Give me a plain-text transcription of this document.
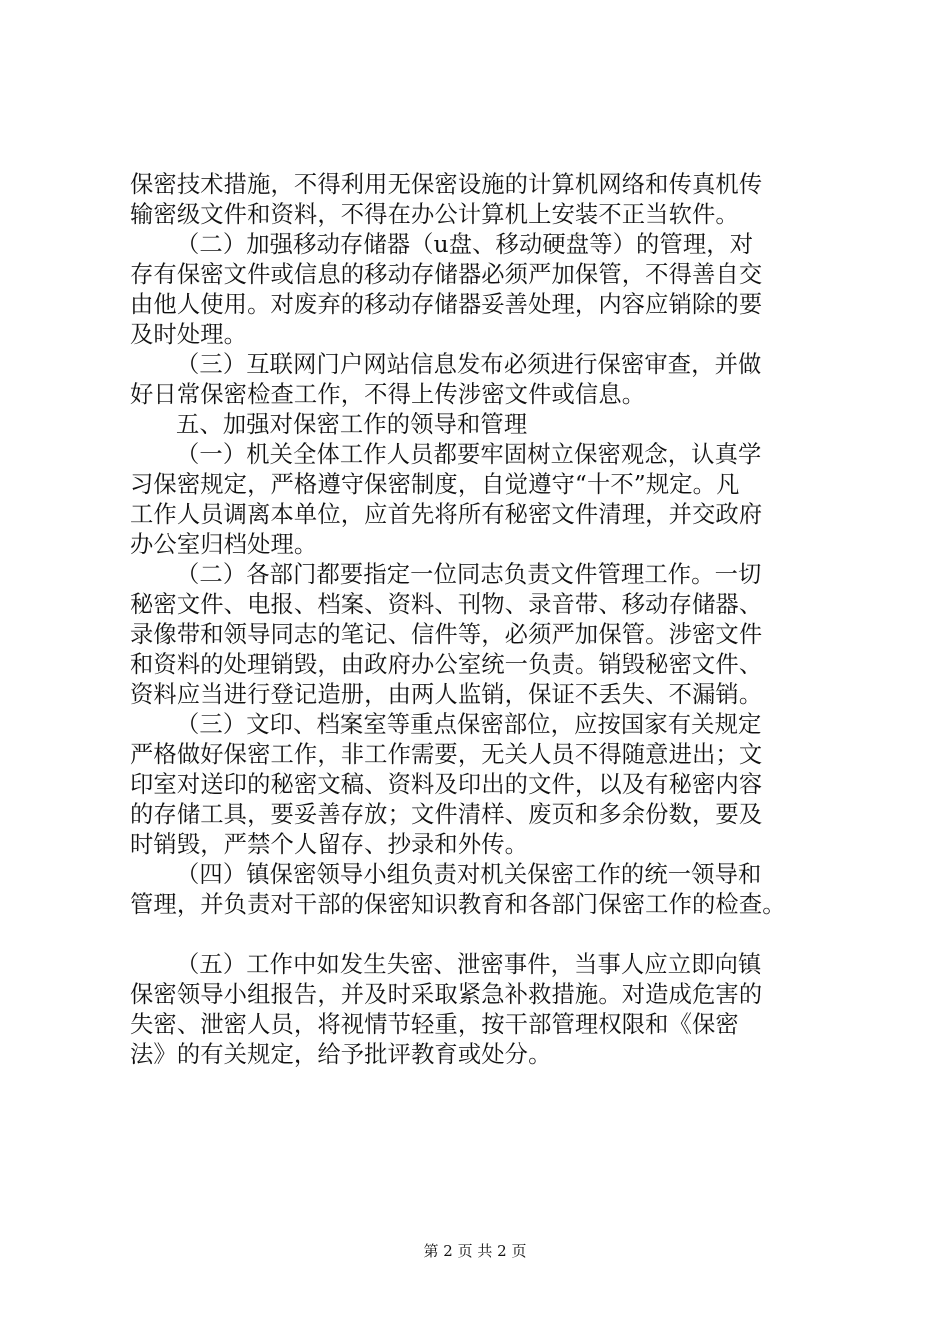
保密技术措施，不得利用无保密设施的计算机网络和传真机传
输密级文件和资料，不得在办公计算机上安装不正当软件。
（二）加强移动存储器（u盘、移动硬盘等）的管理，对
存有保密文件或信息的移动存储器必须严加保管，不得善自交
由他人使用。对废弃的移动存储器妥善处理，内容应销除的要
及时处理。
（三）互联网门户网站信息发布必须进行保密审查，并做
好日常保密检查工作，不得上传涉密文件或信息。
五、加强对保密工作的领导和管理
（一）机关全体工作人员都要牢固树立保密观念，认真学
习保密规定，严格遵守保密制度，自觉遵守“十不”规定。凡
工作人员调离本单位，应首先将所有秘密文件清理，并交政府
办公室归档处理。
（二）各部门都要指定一位同志负责文件管理工作。一切
秘密文件、电报、档案、资料、刊物、录音带、移动存储器、
录像带和领导同志的笔记、信件等，必须严加保管。涉密文件
和资料的处理销毁，由政府办公室统一负责。销毁秘密文件、
资料应当进行登记造册，由两人监销，保证不丢失、不漏销。
（三）文印、档案室等重点保密部位，应按国家有关规定
严格做好保密工作，非工作需要，无关人员不得随意进出；文
印室对送印的秘密文稿、资料及印出的文件，以及有秘密内容
的存储工具，要妥善存放；文件清样、废页和多余份数，要及
时销毁，严禁个人留存、抄录和外传。
（四）镇保密领导小组负责对机关保密工作的统一领导和
管理，并负责对干部的保密知识教育和各部门保密工作的检查。
（五）工作中如发生失密、泄密事件，当事人应立即向镇
保密领导小组报告，并及时采取紧急补救措施。对造成危害的
失密、泄密人员，将视情节轻重，按干部管理权限和《保密
法》的有关规定，给予批评教育或处分。
第 2 页 共 2 页
